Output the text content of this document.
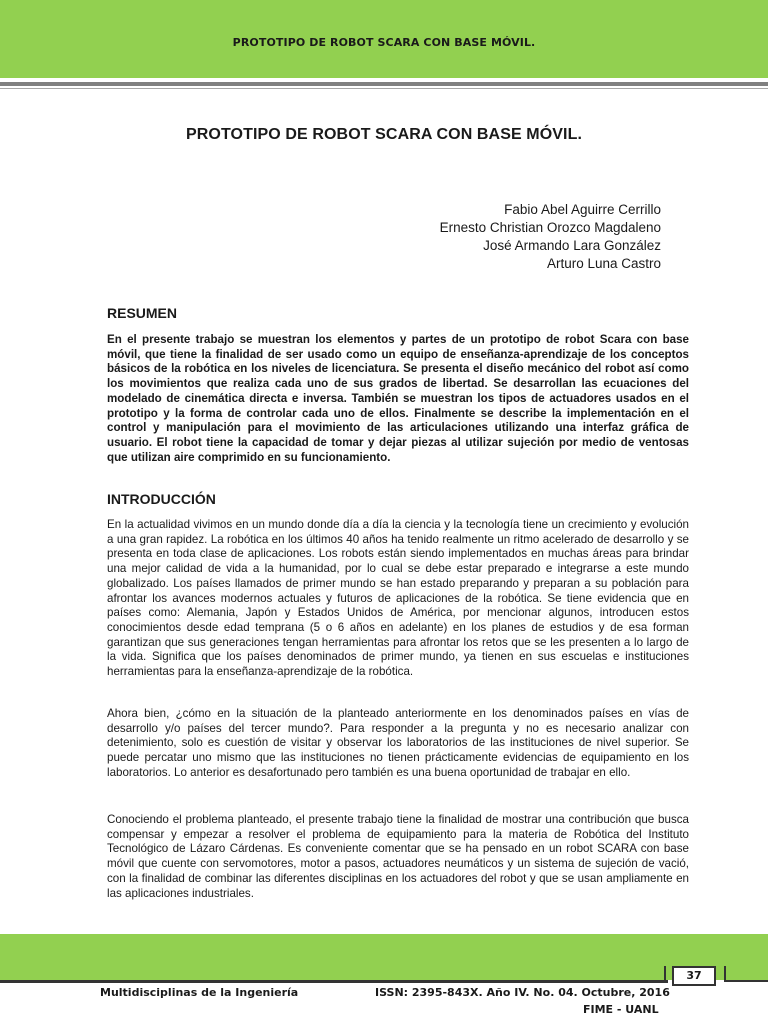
PROTOTIPO DE ROBOT SCARA CON BASE MÓVIL.
PROTOTIPO DE ROBOT SCARA CON BASE MÓVIL.
Fabio Abel Aguirre Cerrillo
Ernesto Christian Orozco Magdaleno
José Armando Lara González
Arturo Luna Castro
RESUMEN
En el presente trabajo se muestran los elementos y partes de un prototipo de robot Scara con base móvil, que tiene la finalidad de ser usado como un equipo de enseñanza-aprendizaje de los conceptos básicos de la robótica en los niveles de licenciatura. Se presenta el diseño mecánico del robot así como los movimientos que realiza cada uno de sus grados de libertad. Se desarrollan las ecuaciones del modelado de cinemática directa e inversa. También se muestran los tipos de actuadores usados en el prototipo y la forma de controlar cada uno de ellos. Finalmente se describe la implementación en el control y manipulación para el movimiento de las articulaciones utilizando una interfaz gráfica de usuario. El robot tiene la capacidad de tomar y dejar piezas al utilizar sujeción por medio de ventosas que utilizan aire comprimido en su funcionamiento.
INTRODUCCIÓN
En la actualidad vivimos en un mundo donde día a día la ciencia y la tecnología tiene un crecimiento y evolución a una gran rapidez. La robótica en los últimos 40 años ha tenido realmente un ritmo acelerado de desarrollo y se presenta en toda clase de aplicaciones. Los robots están siendo implementados en muchas áreas para brindar una mejor calidad de vida a la humanidad, por lo cual se debe estar preparado e integrarse a este mundo globalizado. Los países llamados de primer mundo se han estado preparando y preparan a su población para afrontar los avances modernos actuales y futuros de aplicaciones de la robótica. Se tiene evidencia que en países como: Alemania, Japón y Estados Unidos de América, por mencionar algunos, introducen estos conocimientos desde edad temprana (5 o 6 años en adelante) en los planes de estudios y de esa forman garantizan que sus generaciones tengan herramientas para afrontar los retos que se les presenten a lo largo de la vida. Significa que los países denominados de primer mundo, ya tienen en sus escuelas e instituciones herramientas para la enseñanza-aprendizaje de la robótica.
Ahora bien, ¿cómo en la situación de la planteado anteriormente en los denominados países en vías de desarrollo y/o países del tercer mundo?. Para responder a la pregunta y no es necesario analizar con detenimiento, solo es cuestión de visitar y observar los laboratorios de las instituciones de nivel superior. Se puede percatar uno mismo que las instituciones no tienen prácticamente evidencias de equipamiento en los laboratorios. Lo anterior es desafortunado pero también es una buena oportunidad de trabajar en ello.
Conociendo el problema planteado, el presente trabajo tiene la finalidad de mostrar una contribución que busca compensar y empezar a resolver el problema de equipamiento para la materia de Robótica del Instituto Tecnológico de Lázaro Cárdenas. Es conveniente comentar que se ha pensado en un robot SCARA con base móvil que cuente con servomotores, motor a pasos, actuadores neumáticos y un sistema de sujeción de vació, con la finalidad de combinar las diferentes disciplinas en los actuadores del robot y que se usan ampliamente en las aplicaciones industriales.
37
Multidisciplinas de la Ingeniería	ISSN: 2395-843X. Año IV. No. 04. Octubre, 2016
FIME - UANL
